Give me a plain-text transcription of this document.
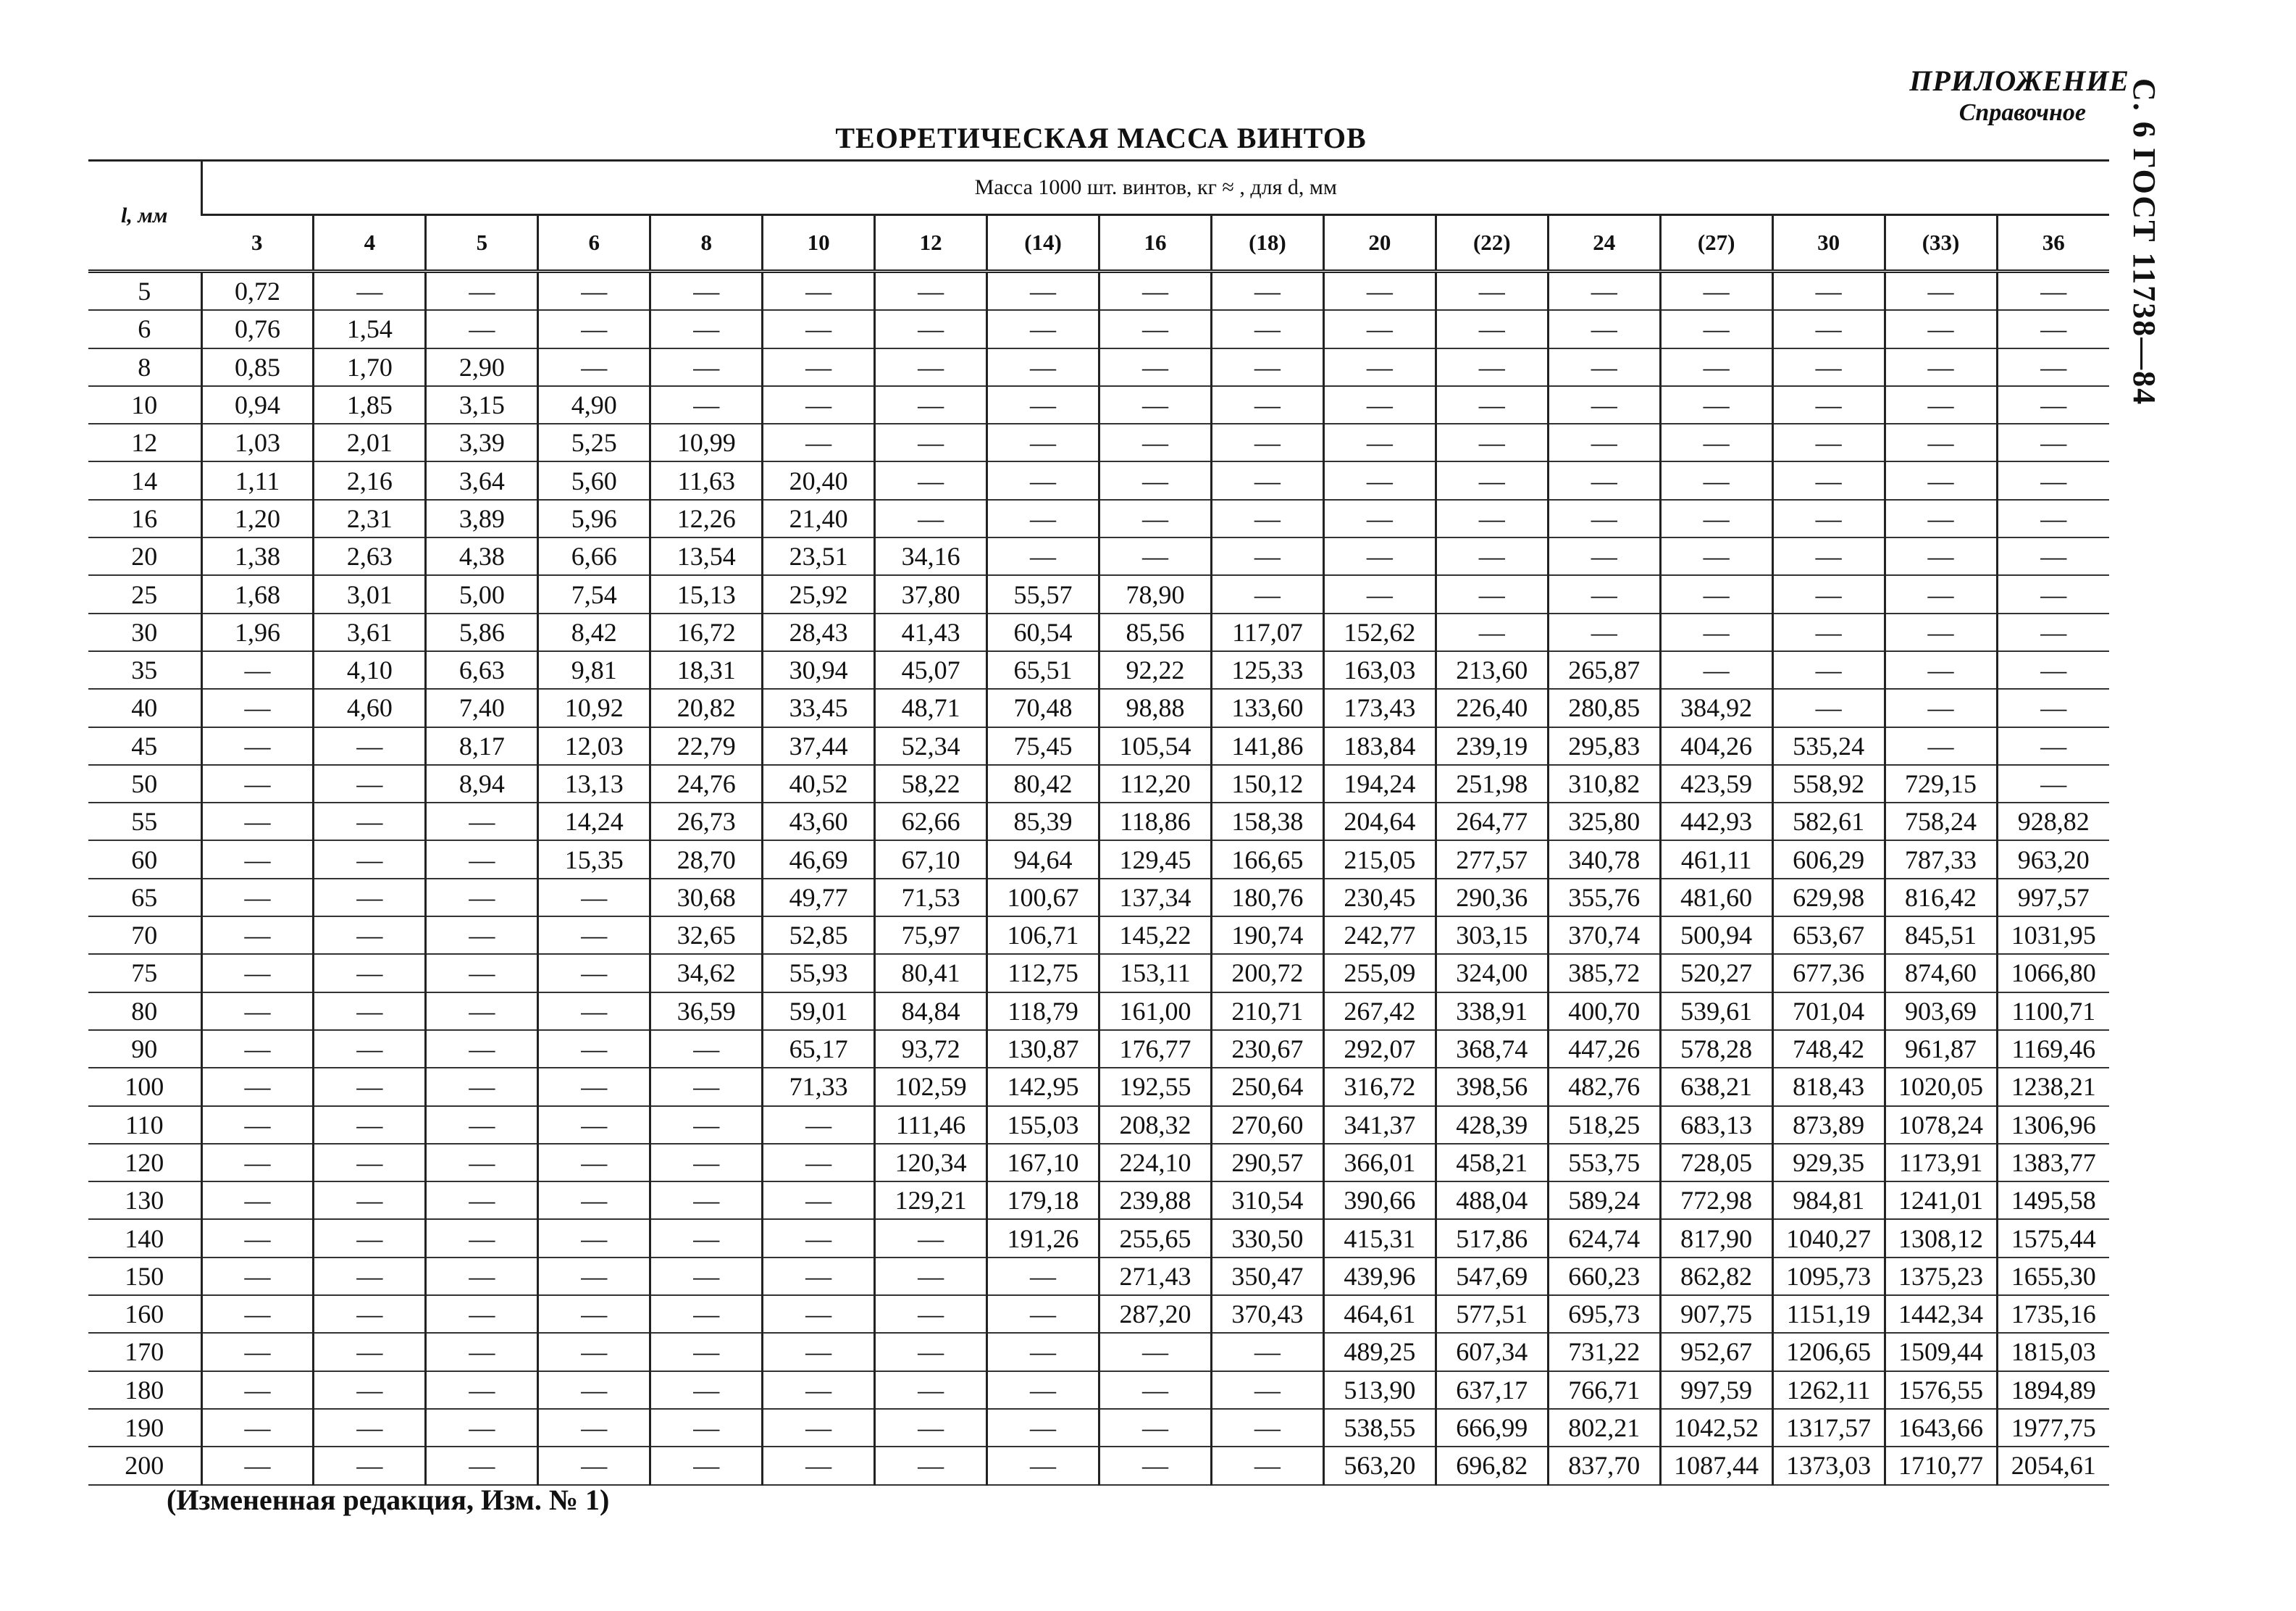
ПРИЛОЖЕНИЕ
Справочное	С. 6 ГОСТ 11738—84
ТЕОРЕТИЧЕСКАЯ МАССА ВИНТОВ
l, мм	Масса 1000 шт. винтов, кг ≈ , для d, мм																
	3	4	5	6	8	10	12	(14)	16	(18)	20	(22)	24	(27)	30	(33)	36
5	0,72	—	—	—	—	—	—	—	—	—	—	—	—	—	—	—	—
6	0,76	1,54	—	—	—	—	—	—	—	—	—	—	—	—	—	—	—
8	0,85	1,70	2,90	—	—	—	—	—	—	—	—	—	—	—	—	—	—
10	0,94	1,85	3,15	4,90	—	—	—	—	—	—	—	—	—	—	—	—	—
12	1,03	2,01	3,39	5,25	10,99	—	—	—	—	—	—	—	—	—	—	—	—
14	1,11	2,16	3,64	5,60	11,63	20,40	—	—	—	—	—	—	—	—	—	—	—
16	1,20	2,31	3,89	5,96	12,26	21,40	—	—	—	—	—	—	—	—	—	—	—
20	1,38	2,63	4,38	6,66	13,54	23,51	34,16	—	—	—	—	—	—	—	—	—	—
25	1,68	3,01	5,00	7,54	15,13	25,92	37,80	55,57	78,90	—	—	—	—	—	—	—	—
30	1,96	3,61	5,86	8,42	16,72	28,43	41,43	60,54	85,56	117,07	152,62	—	—	—	—	—	—
35	—	4,10	6,63	9,81	18,31	30,94	45,07	65,51	92,22	125,33	163,03	213,60	265,87	—	—	—	—
40	—	4,60	7,40	10,92	20,82	33,45	48,71	70,48	98,88	133,60	173,43	226,40	280,85	384,92	—	—	—
45	—	—	8,17	12,03	22,79	37,44	52,34	75,45	105,54	141,86	183,84	239,19	295,83	404,26	535,24	—	—
50	—	—	8,94	13,13	24,76	40,52	58,22	80,42	112,20	150,12	194,24	251,98	310,82	423,59	558,92	729,15	—
55	—	—	—	14,24	26,73	43,60	62,66	85,39	118,86	158,38	204,64	264,77	325,80	442,93	582,61	758,24	928,82
60	—	—	—	15,35	28,70	46,69	67,10	94,64	129,45	166,65	215,05	277,57	340,78	461,11	606,29	787,33	963,20
65	—	—	—	—	30,68	49,77	71,53	100,67	137,34	180,76	230,45	290,36	355,76	481,60	629,98	816,42	997,57
70	—	—	—	—	32,65	52,85	75,97	106,71	145,22	190,74	242,77	303,15	370,74	500,94	653,67	845,51	1031,95
75	—	—	—	—	34,62	55,93	80,41	112,75	153,11	200,72	255,09	324,00	385,72	520,27	677,36	874,60	1066,80
80	—	—	—	—	36,59	59,01	84,84	118,79	161,00	210,71	267,42	338,91	400,70	539,61	701,04	903,69	1100,71
90	—	—	—	—	—	65,17	93,72	130,87	176,77	230,67	292,07	368,74	447,26	578,28	748,42	961,87	1169,46
100	—	—	—	—	—	71,33	102,59	142,95	192,55	250,64	316,72	398,56	482,76	638,21	818,43	1020,05	1238,21
110	—	—	—	—	—	—	111,46	155,03	208,32	270,60	341,37	428,39	518,25	683,13	873,89	1078,24	1306,96
120	—	—	—	—	—	—	120,34	167,10	224,10	290,57	366,01	458,21	553,75	728,05	929,35	1173,91	1383,77
130	—	—	—	—	—	—	129,21	179,18	239,88	310,54	390,66	488,04	589,24	772,98	984,81	1241,01	1495,58
140	—	—	—	—	—	—	—	191,26	255,65	330,50	415,31	517,86	624,74	817,90	1040,27	1308,12	1575,44
150	—	—	—	—	—	—	—	—	271,43	350,47	439,96	547,69	660,23	862,82	1095,73	1375,23	1655,30
160	—	—	—	—	—	—	—	—	287,20	370,43	464,61	577,51	695,73	907,75	1151,19	1442,34	1735,16
170	—	—	—	—	—	—	—	—	—	—	489,25	607,34	731,22	952,67	1206,65	1509,44	1815,03
180	—	—	—	—	—	—	—	—	—	—	513,90	637,17	766,71	997,59	1262,11	1576,55	1894,89
190	—	—	—	—	—	—	—	—	—	—	538,55	666,99	802,21	1042,52	1317,57	1643,66	1977,75
200	—	—	—	—	—	—	—	—	—	—	563,20	696,82	837,70	1087,44	1373,03	1710,77	2054,61
(Измененная редакция, Изм. № 1)
